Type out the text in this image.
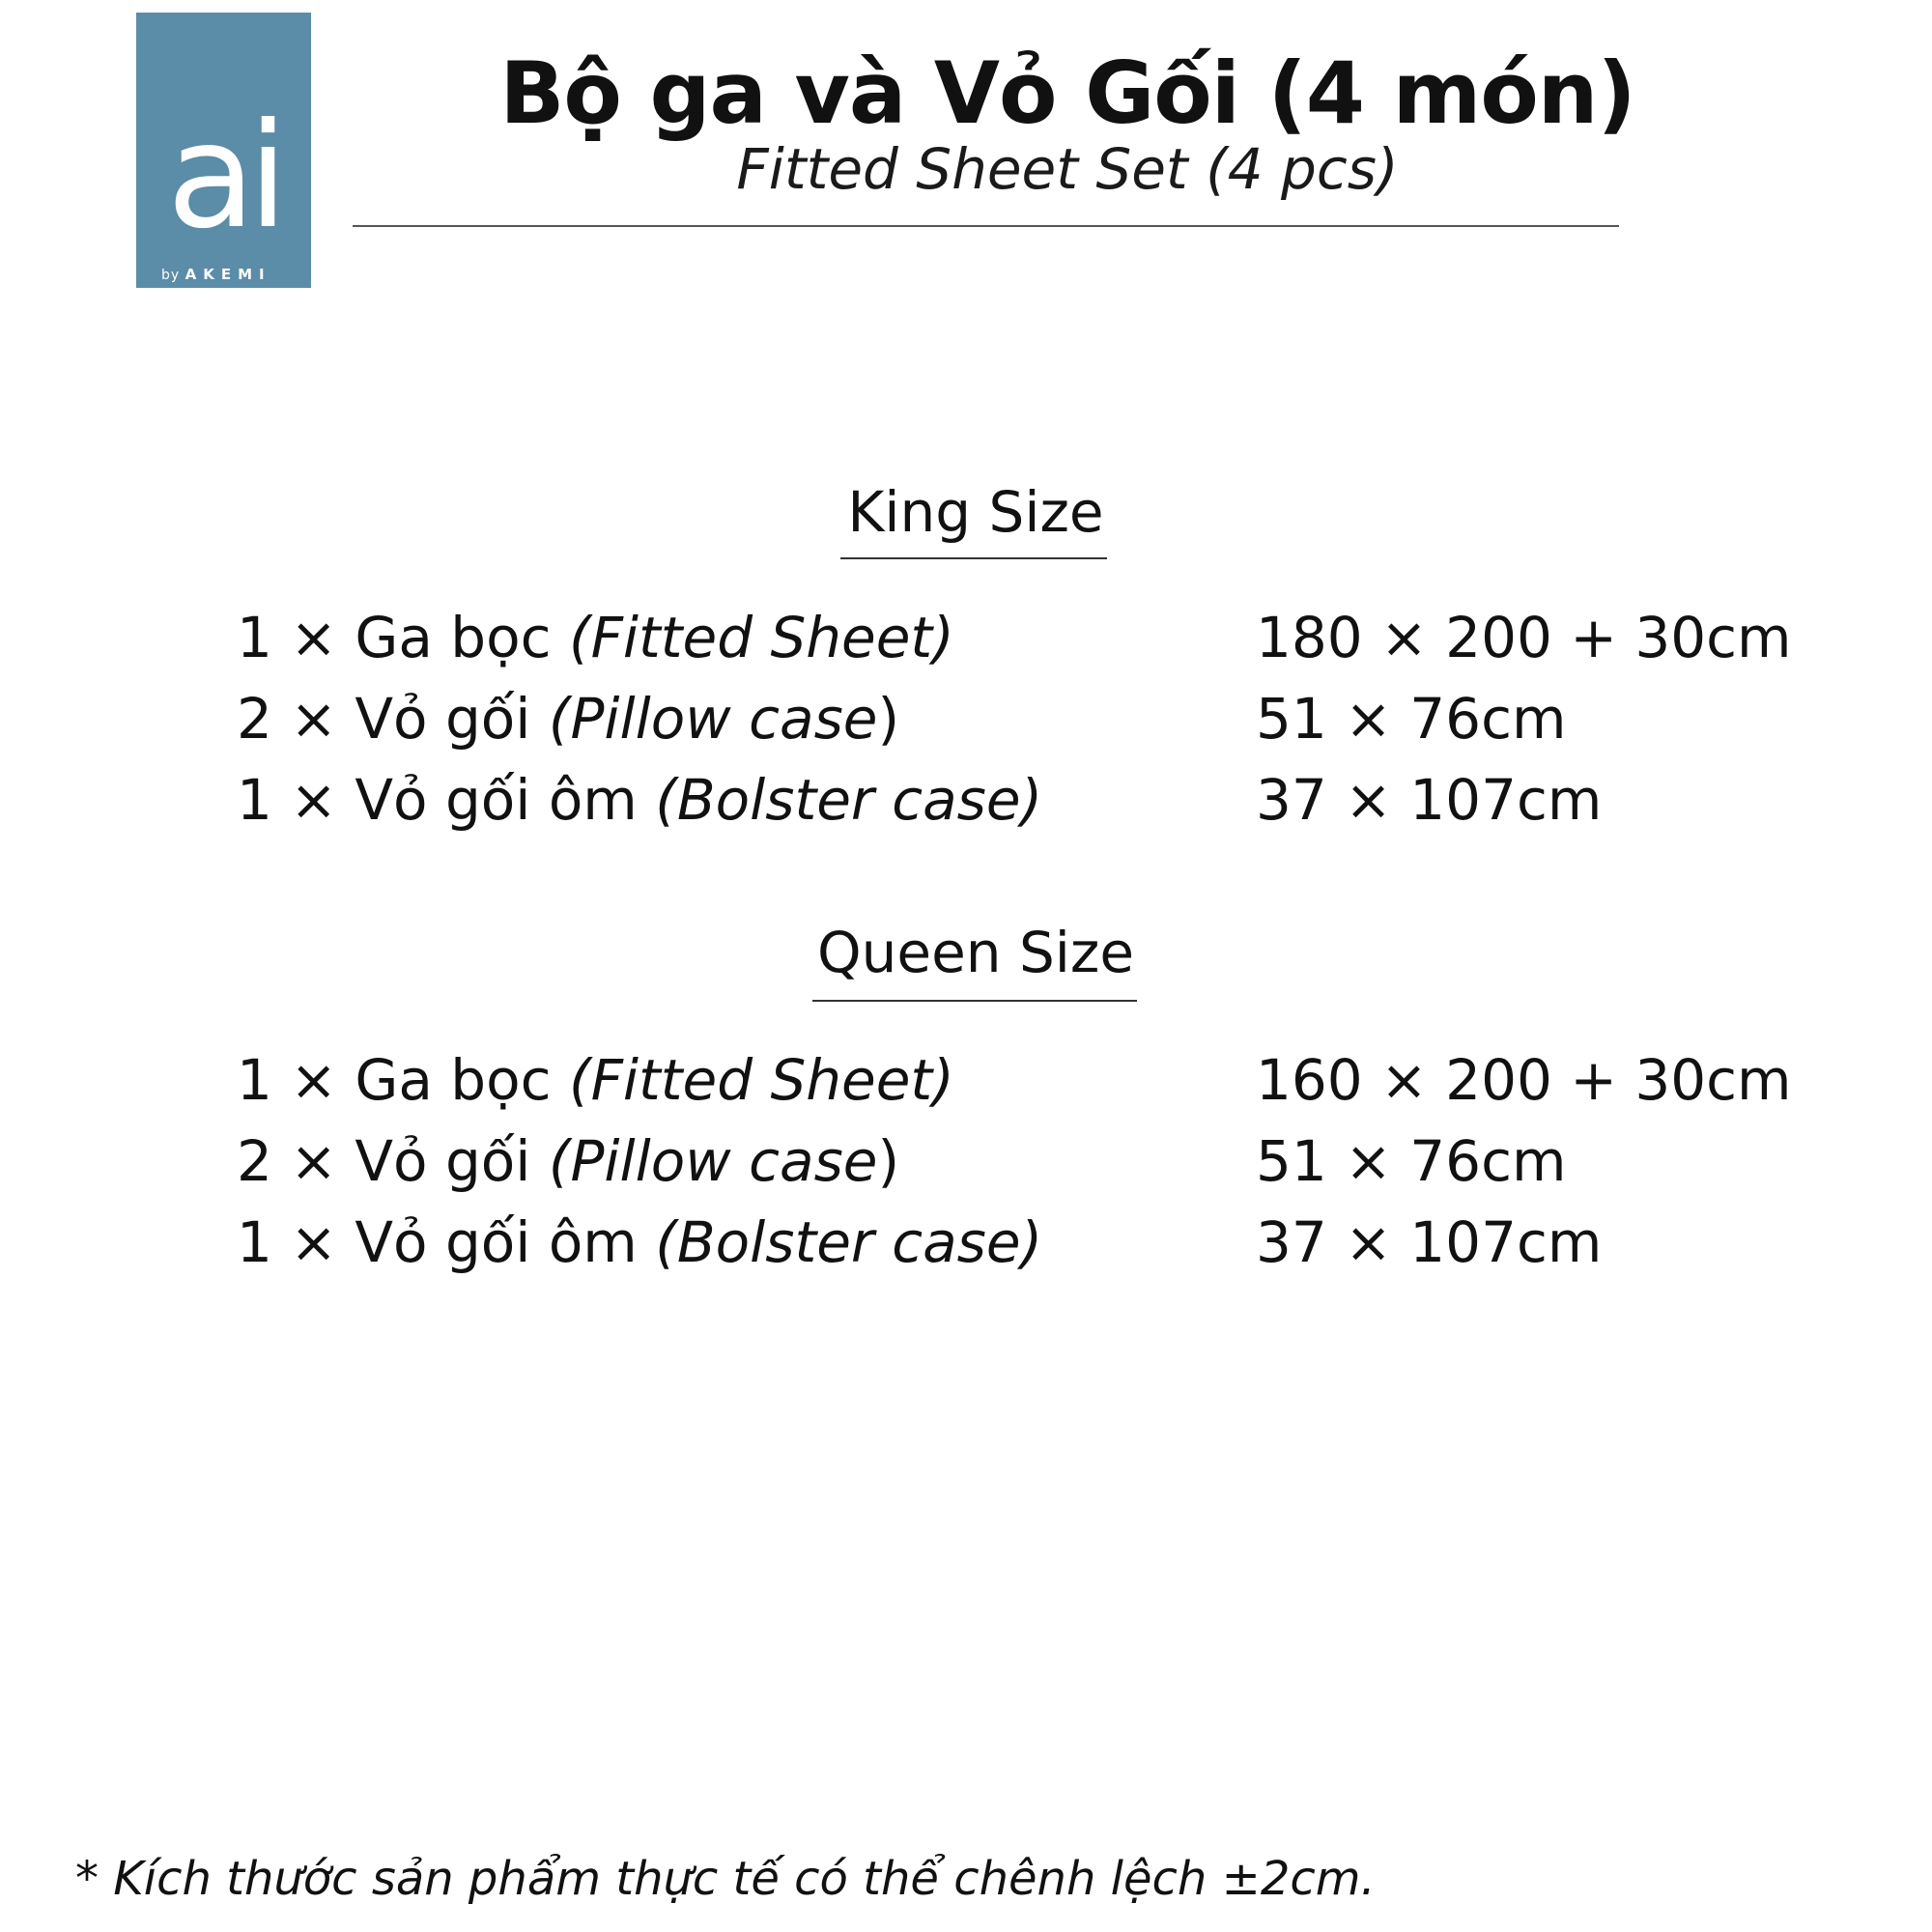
ai
by AKEMI
Bộ ga và Vỏ Gối (4 món)
Fitted Sheet Set (4 pcs)
King Size
1 × Ga bọc (Fitted Sheet)	180 × 200 + 30cm
2 × Vỏ gối (Pillow case)	51 × 76cm
1 × Vỏ gối ôm (Bolster case)	37 × 107cm
Queen Size
1 × Ga bọc (Fitted Sheet)	160 × 200 + 30cm
2 × Vỏ gối (Pillow case)	51 × 76cm
1 × Vỏ gối ôm (Bolster case)	37 × 107cm
* Kích thước sản phẩm thực tế có thể chênh lệch ±2cm.
